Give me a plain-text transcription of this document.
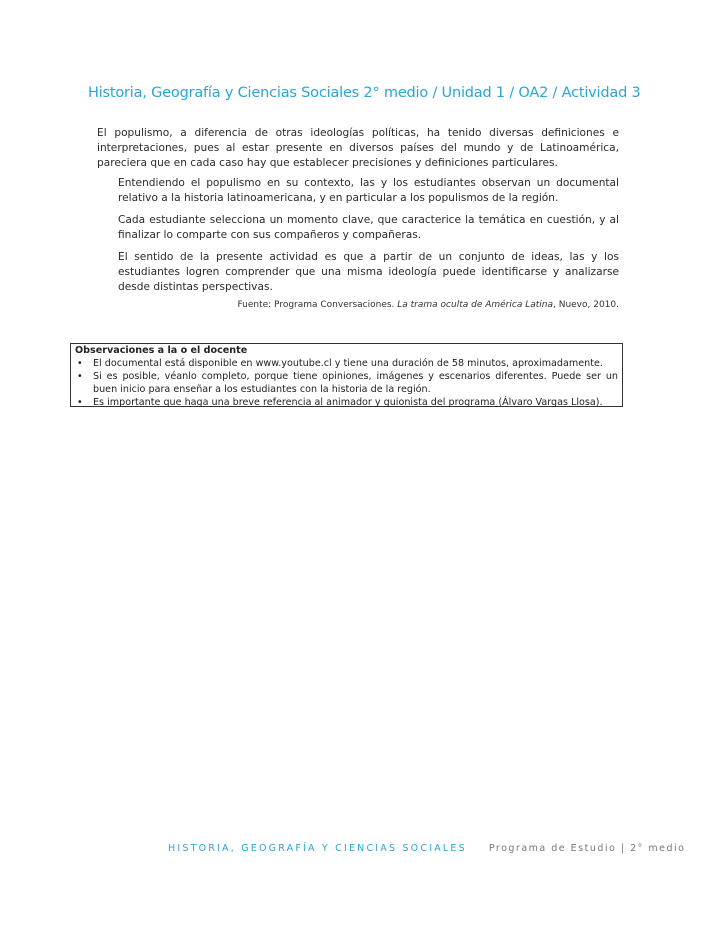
Historia, Geografía y Ciencias Sociales 2° medio / Unidad 1 / OA2 / Actividad 3
El populismo, a diferencia de otras ideologías políticas, ha tenido diversas definiciones e interpretaciones, pues al estar presente en diversos países del mundo y de Latinoamérica, pareciera que en cada caso hay que establecer precisiones y definiciones particulares.
Entendiendo el populismo en su contexto, las y los estudiantes observan un documental relativo a la historia latinoamericana, y en particular a los populismos de la región.
Cada estudiante selecciona un momento clave, que caracterice la temática en cuestión, y al finalizar lo comparte con sus compañeros y compañeras.
El sentido de la presente actividad es que a partir de un conjunto de ideas, las y los estudiantes logren comprender que una misma ideología puede identificarse y analizarse desde distintas perspectivas.
Fuente: Programa Conversaciones. La trama oculta de América Latina, Nuevo, 2010.
Observaciones a la o el docente
• El documental está disponible en www.youtube.cl y tiene una duración de 58 minutos, aproximadamente.
• Si es posible, véanlo completo, porque tiene opiniones, imágenes y escenarios diferentes. Puede ser un buen inicio para enseñar a los estudiantes con la historia de la región.
• Es importante que haga una breve referencia al animador y guionista del programa (Álvaro Vargas Llosa).
HISTORIA, GEOGRAFÍA Y CIENCIAS SOCIALES Programa de Estudio | 2° medio
